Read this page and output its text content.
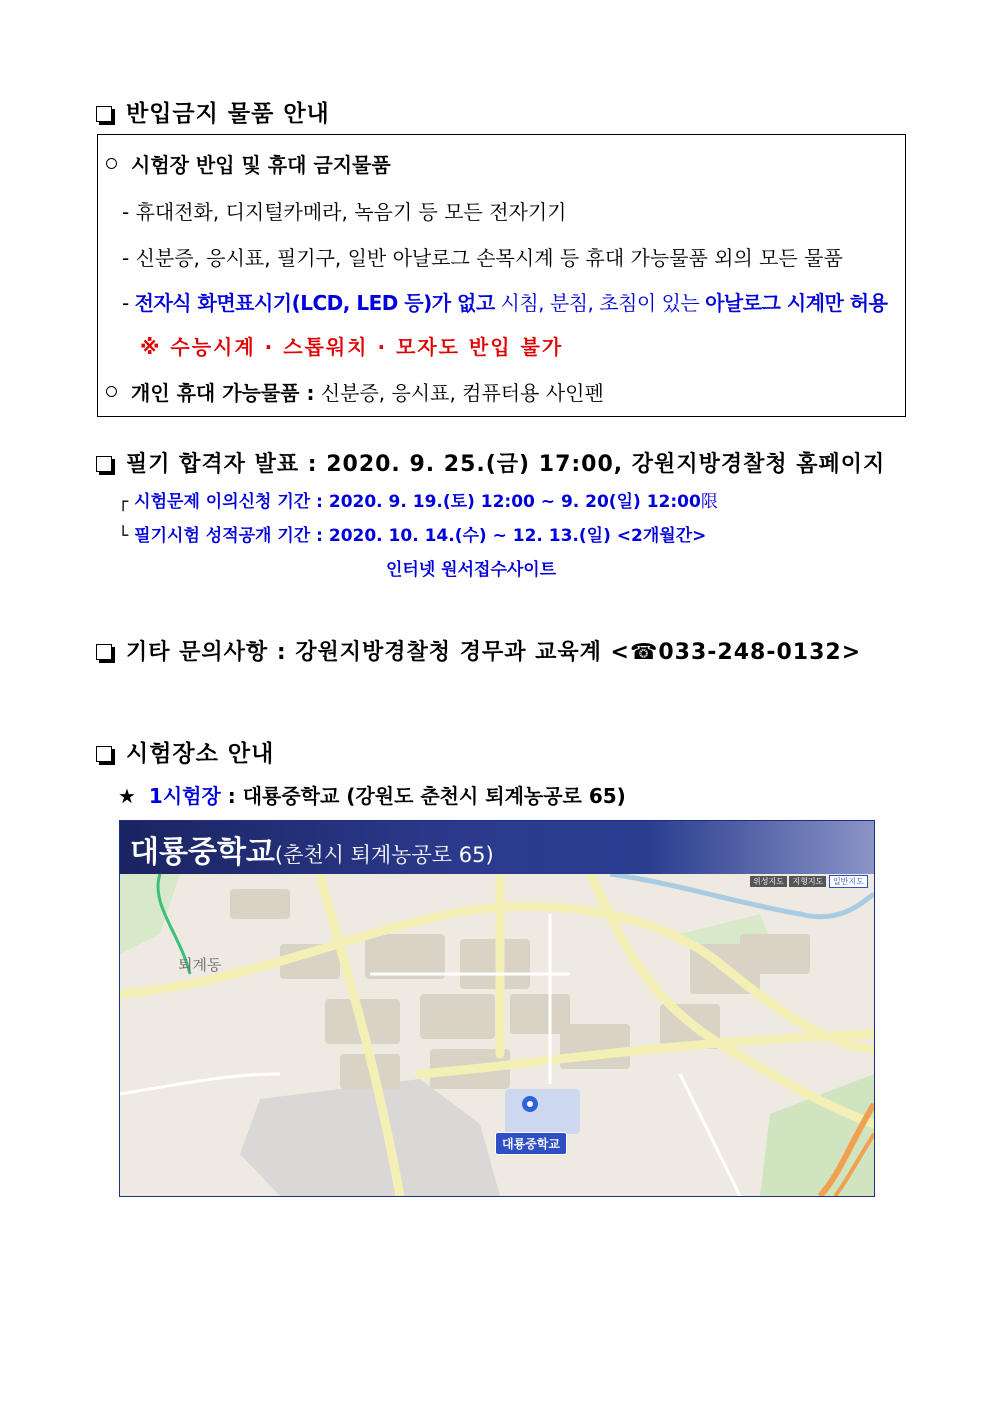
반입금지 물품 안내
시험장 반입 및 휴대 금지물품
- 휴대전화, 디지털카메라, 녹음기 등 모든 전자기기
- 신분증, 응시표, 필기구, 일반 아날로그 손목시계 등 휴대 가능물품 외의 모든 물품
- 전자식 화면표시기(LCD, LED 등)가 없고 시침, 분침, 초침이 있는 아날로그 시계만 허용
※ 수능시계 · 스톱워치 · 모자도 반입 불가
개인 휴대 가능물품 : 신분증, 응시표, 컴퓨터용 사인펜
필기 합격자 발표 : 2020. 9. 25.(금) 17:00, 강원지방경찰청 홈페이지
┌ 시험문제 이의신청 기간 : 2020. 9. 19.(토) 12:00 ~ 9. 20(일) 12:00限
└ 필기시험 성적공개 기간 : 2020. 10. 14.(수) ~ 12. 13.(일) <2개월간>
인터넷 원서접수사이트
기타 문의사항 : 강원지방경찰청 경무과 교육계 <☎033-248-0132>
시험장소 안내
★ 1시험장 : 대룡중학교 (강원도 춘천시 퇴계농공로 65)
대룡중학교(춘천시 퇴계농공로 65)
퇴계동
대룡중학교
위성지도 지형지도 일반지도
